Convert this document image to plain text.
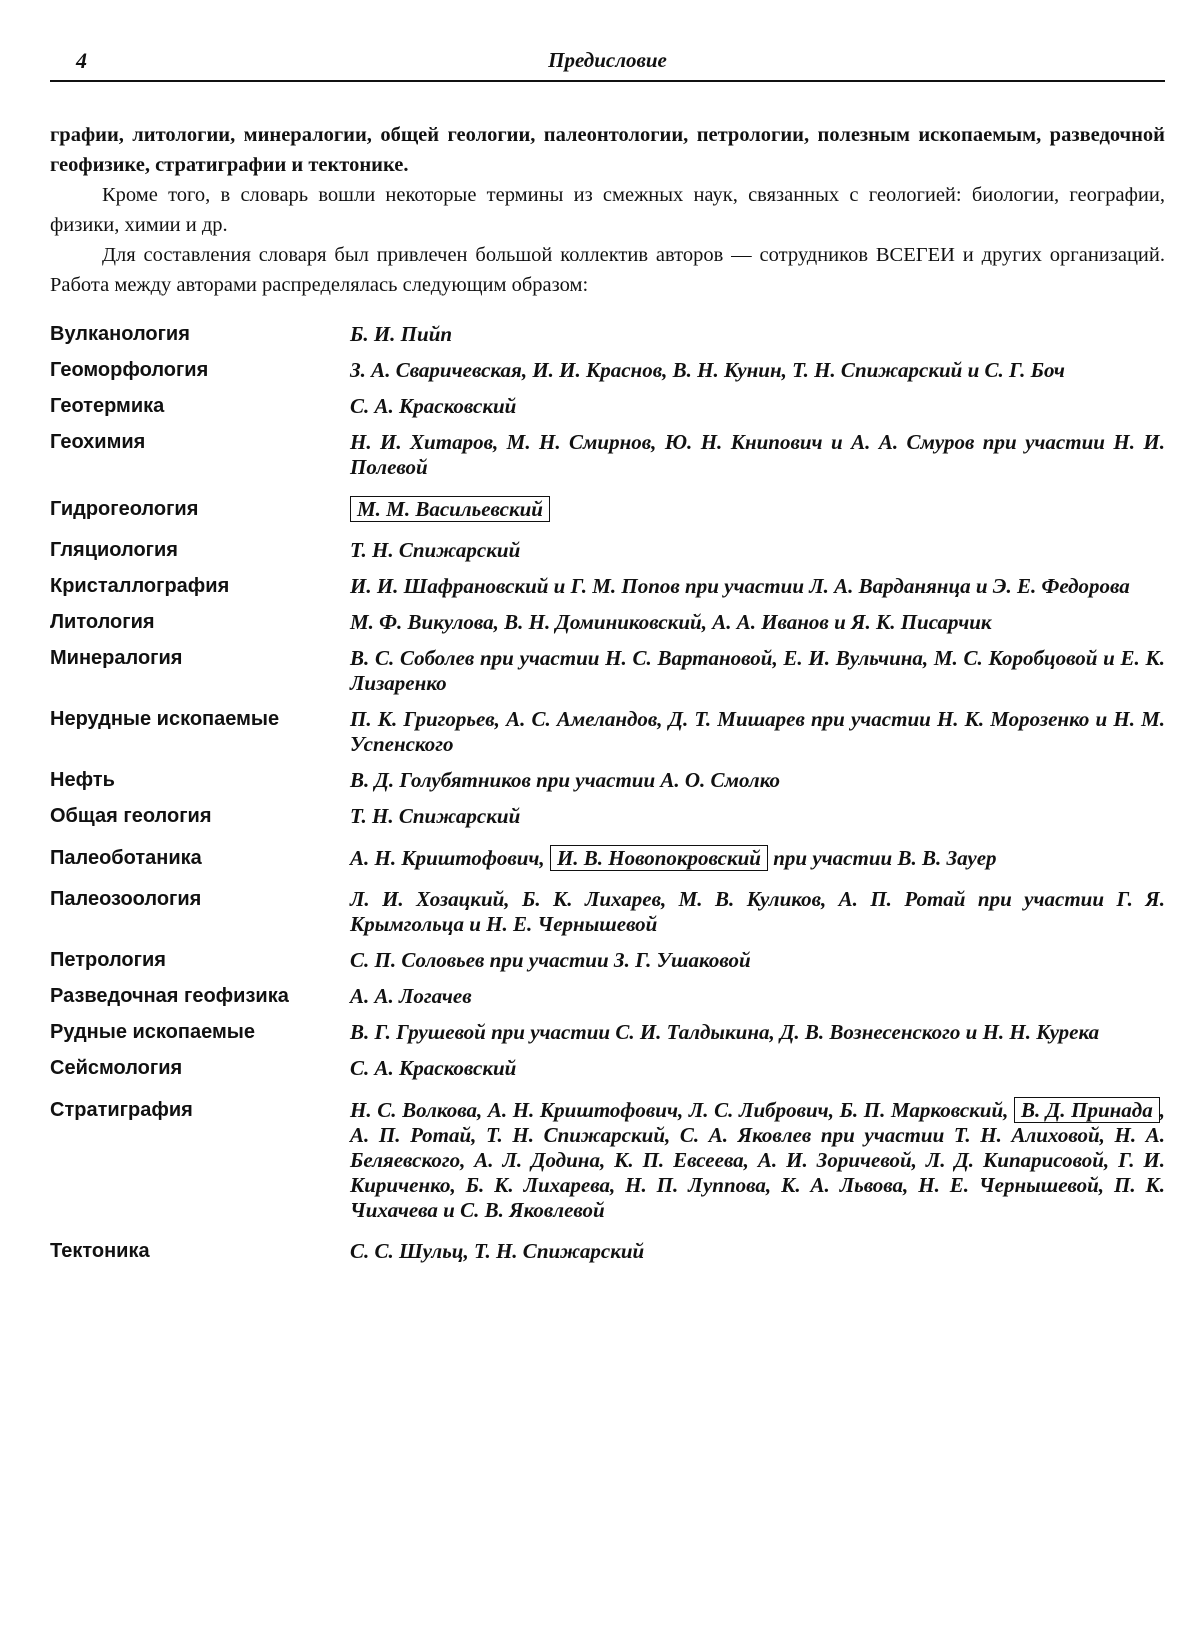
4	Предисловие

графии, литологии, минералогии, общей геологии, палеонтологии, петрологии, полезным ископаемым, разведочной геофизике, стратиграфии и тектонике.

Кроме того, в словарь вошли некоторые термины из смежных наук, связанных с геологией: биологии, географии, физики, химии и др.

Для составления словаря был привлечен большой коллектив авторов — сотрудников ВСЕГЕИ и других организаций. Работа между авторами распределялась следующим образом:

Вулканология	Б. И. Пийп
Геоморфология	З. А. Сваричевская, И. И. Краснов, В. Н. Кунин, Т. Н. Спижарский и С. Г. Боч
Геотермика	С. А. Красковский
Геохимия	Н. И. Хитаров, М. Н. Смирнов, Ю. Н. Книпович и А. А. Смуров при участии Н. И. Полевой
Гидрогеология	М. М. Васильевский
Гляциология	Т. Н. Спижарский
Кристаллография	И. И. Шафрановский и Г. М. Попов при участии Л. А. Варданянца и Э. Е. Федорова
Литология	М. Ф. Викулова, В. Н. Доминиковский, А. А. Иванов и Я. К. Писарчик
Минералогия	В. С. Соболев при участии Н. С. Вартановой, Е. И. Вульчина, М. С. Коробцовой и Е. К. Лизаренко
Нерудные ископаемые	П. К. Григорьев, А. С. Амеландов, Д. Т. Мишарев при участии Н. К. Морозенко и Н. М. Успенского
Нефть	В. Д. Голубятников при участии А. О. Смолко
Общая геология	Т. Н. Спижарский
Палеоботаника	А. Н. Криштофович, И. В. Новопокровский при участии В. В. Зауер
Палеозоология	Л. И. Хозацкий, Б. К. Лихарев, М. В. Куликов, А. П. Ротай при участии Г. Я. Крымгольца и Н. Е. Чернышевой
Петрология	С. П. Соловьев при участии З. Г. Ушаковой
Разведочная геофизика	А. А. Логачев
Рудные ископаемые	В. Г. Грушевой при участии С. И. Талдыкина, Д. В. Вознесенского и Н. Н. Курека
Сейсмология	С. А. Красковский
Стратиграфия	Н. С. Волкова, А. Н. Криштофович, Л. С. Либрович, Б. П. Марковский, В. Д. Принада , А. П. Ротай, Т. Н. Спижарский, С. А. Яковлев при участии Т. Н. Алиховой, Н. А. Беляевского, А. Л. Додина, К. П. Евсеева, А. И. Зоричевой, Л. Д. Кипарисовой, Г. И. Кириченко, Б. К. Лихарева, Н. П. Луппова, К. А. Львова, Н. Е. Чернышевой, П. К. Чихачева и С. В. Яковлевой
Тектоника	С. С. Шульц, Т. Н. Спижарский
